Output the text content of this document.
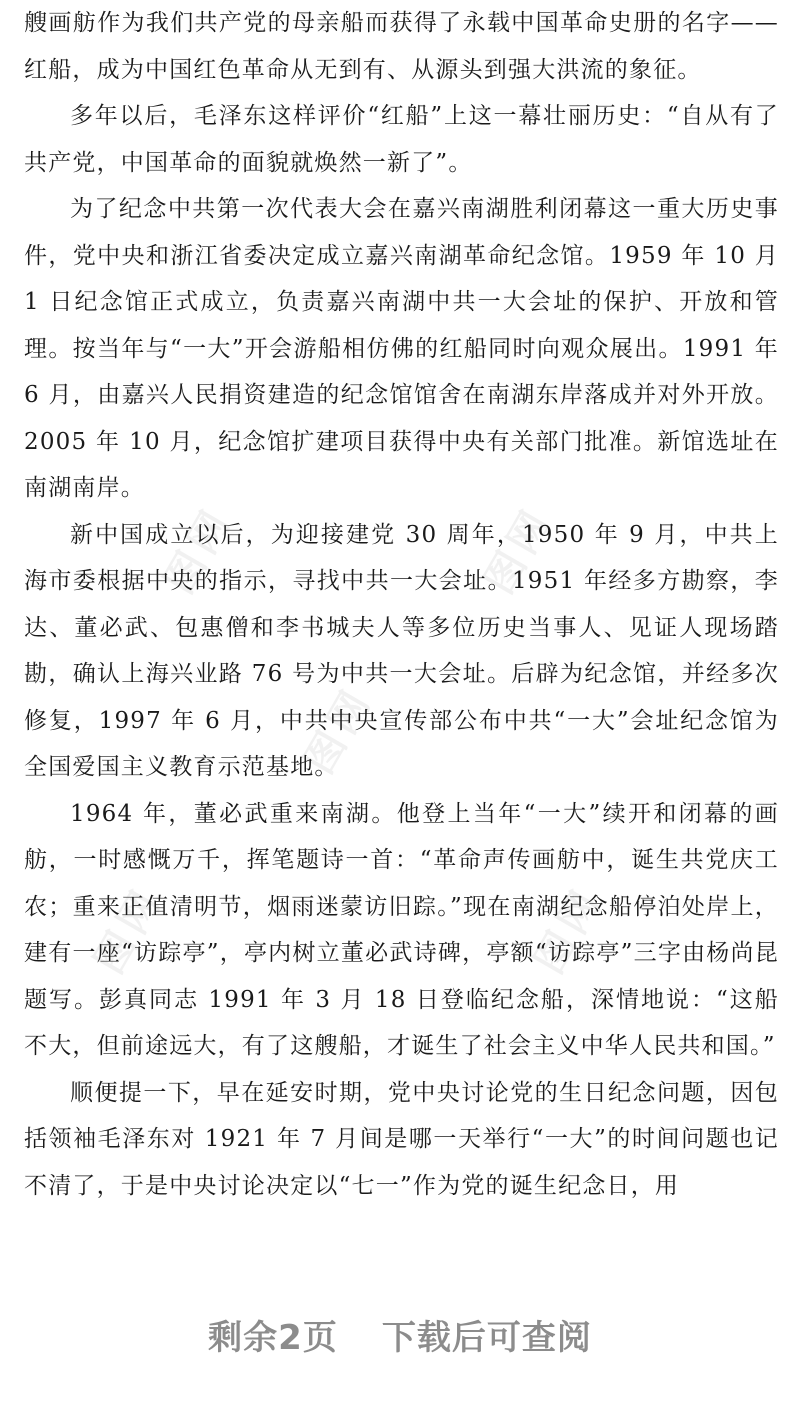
图网	图网
图网
图网	图网

艘画舫作为我们共产党的母亲船而获得了永载中国革命史册的名字——红船，成为中国红色革命从无到有、从源头到强大洪流的象征。

多年以后，毛泽东这样评价“红船”上这一幕壮丽历史：“自从有了共产党，中国革命的面貌就焕然一新了”。

为了纪念中共第一次代表大会在嘉兴南湖胜利闭幕这一重大历史事件，党中央和浙江省委决定成立嘉兴南湖革命纪念馆。1959 年 10 月 1 日纪念馆正式成立，负责嘉兴南湖中共一大会址的保护、开放和管理。按当年与“一大”开会游船相仿佛的红船同时向观众展出。1991 年 6 月，由嘉兴人民捐资建造的纪念馆馆舍在南湖东岸落成并对外开放。2005 年 10 月，纪念馆扩建项目获得中央有关部门批准。新馆选址在南湖南岸。

新中国成立以后，为迎接建党 30 周年，1950 年 9 月，中共上海市委根据中央的指示，寻找中共一大会址。1951 年经多方勘察，李达、董必武、包惠僧和李书城夫人等多位历史当事人、见证人现场踏勘，确认上海兴业路 76 号为中共一大会址。后辟为纪念馆，并经多次修复，1997 年 6 月，中共中央宣传部公布中共“一大”会址纪念馆为全国爱国主义教育示范基地。

1964 年，董必武重来南湖。他登上当年“一大”续开和闭幕的画舫，一时感慨万千，挥笔题诗一首：“革命声传画舫中，诞生共党庆工农；重来正值清明节，烟雨迷蒙访旧踪。”现在南湖纪念船停泊处岸上，建有一座“访踪亭”，亭内树立董必武诗碑，亭额“访踪亭”三字由杨尚昆题写。彭真同志 1991 年 3 月 18 日登临纪念船，深情地说：“这船不大，但前途远大，有了这艘船，才诞生了社会主义中华人民共和国。”

顺便提一下，早在延安时期，党中央讨论党的生日纪念问题，因包括领袖毛泽东对 1921 年 7 月间是哪一天举行“一大”的时间问题也记不清了，于是中央讨论决定以“七一”作为党的诞生纪念日，用

剩余2页 下载后可查阅
